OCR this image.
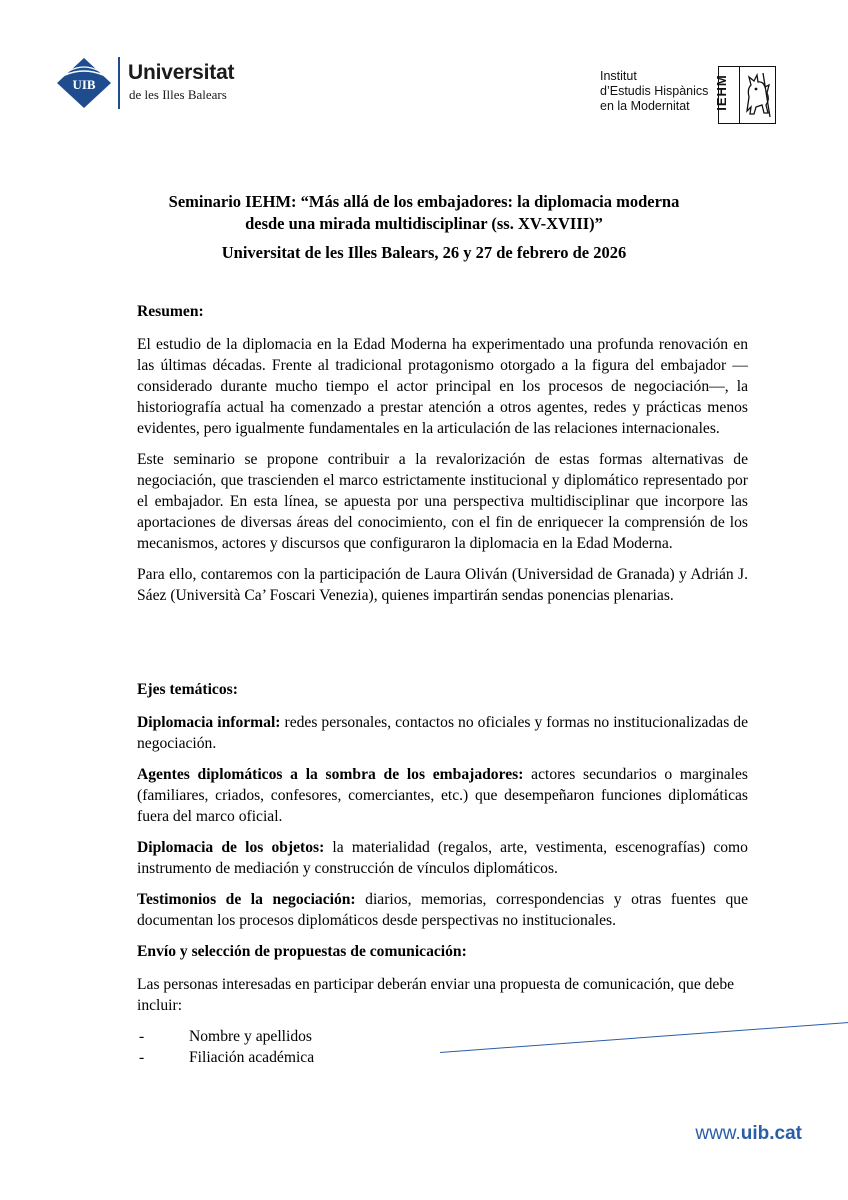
UIB
Universitat
de les Illes Balears
Institut
d’Estudis Hispànics
en la Modernitat	IEHM
Seminario IEHM: “Más allá de los embajadores: la diplomacia moderna
desde una mirada multidisciplinar (ss. XV-XVIII)”
Universitat de les Illes Balears, 26 y 27 de febrero de 2026
Resumen:

El estudio de la diplomacia en la Edad Moderna ha experimentado una profunda renovación en las últimas décadas. Frente al tradicional protagonismo otorgado a la figura del embajador —considerado durante mucho tiempo el actor principal en los procesos de negociación—, la historiografía actual ha comenzado a prestar atención a otros agentes, redes y prácticas menos evidentes, pero igualmente fundamentales en la articulación de las relaciones internacionales.

Este seminario se propone contribuir a la revalorización de estas formas alternativas de negociación, que trascienden el marco estrictamente institucional y diplomático representado por el embajador. En esta línea, se apuesta por una perspectiva multidisciplinar que incorpore las aportaciones de diversas áreas del conocimiento, con el fin de enriquecer la comprensión de los mecanismos, actores y discursos que configuraron la diplomacia en la Edad Moderna.

Para ello, contaremos con la participación de Laura Oliván (Universidad de Granada) y Adrián J. Sáez (Università Ca’ Foscari Venezia), quienes impartirán sendas ponencias plenarias.

Ejes temáticos:

Diplomacia informal: redes personales, contactos no oficiales y formas no institucionalizadas de negociación.

Agentes diplomáticos a la sombra de los embajadores: actores secundarios o marginales (familiares, criados, confesores, comerciantes, etc.) que desempeñaron funciones diplomáticas fuera del marco oficial.

Diplomacia de los objetos: la materialidad (regalos, arte, vestimenta, escenografías) como instrumento de mediación y construcción de vínculos diplomáticos.

Testimonios de la negociación: diarios, memorias, correspondencias y otras fuentes que documentan los procesos diplomáticos desde perspectivas no institucionales.

Envío y selección de propuestas de comunicación:

Las personas interesadas en participar deberán enviar una propuesta de comunicación, que debe incluir:

-	Nombre y apellidos
-	Filiación académica
www.uib.cat
